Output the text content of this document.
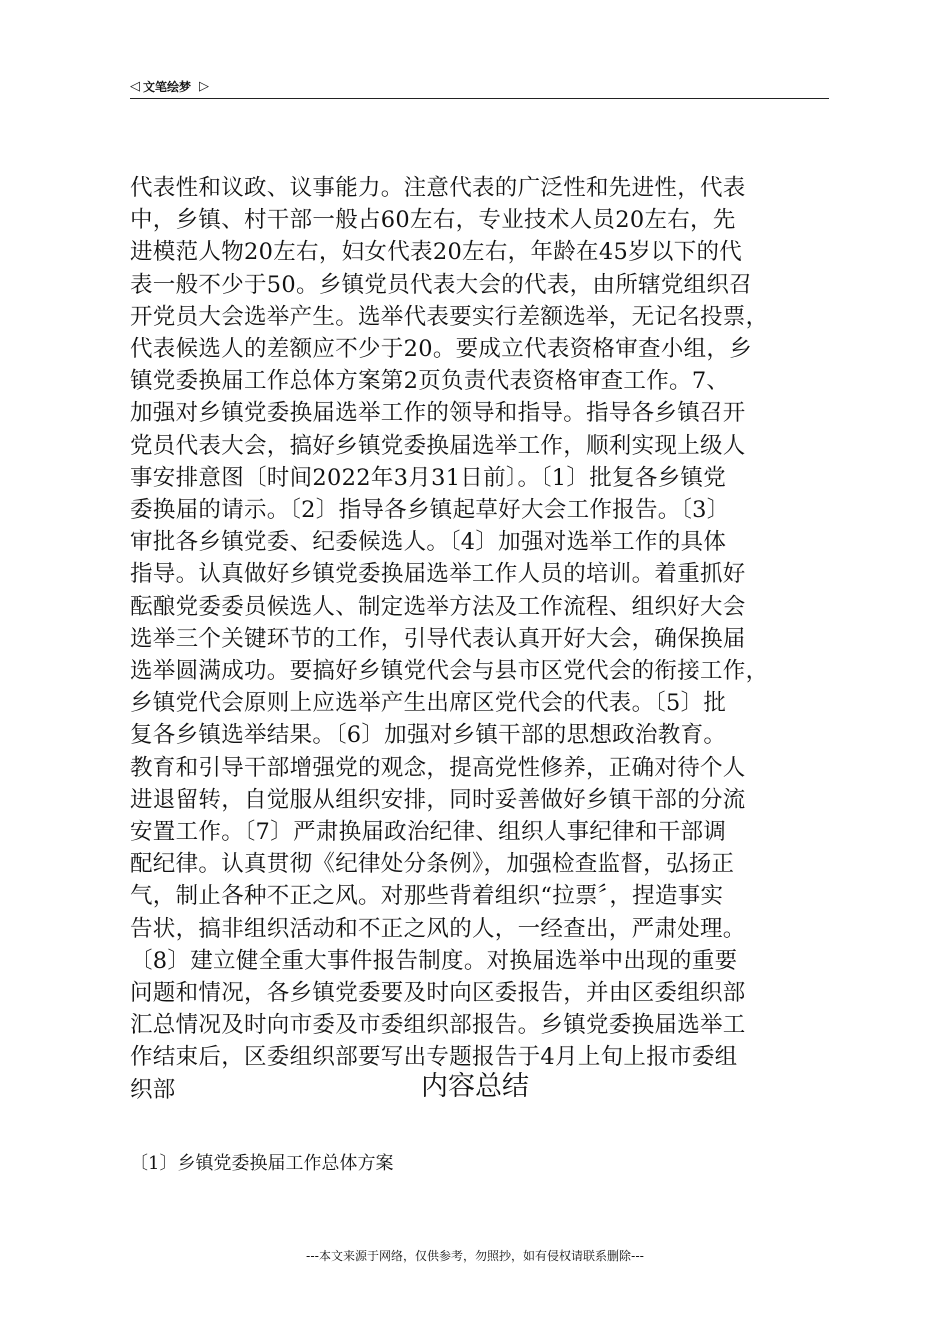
◁ 文笔绘梦 ▷
代表性和议政、议事能力。注意代表的广泛性和先进性，代表
中，乡镇、村干部一般占60左右，专业技术人员20左右，先
进模范人物20左右，妇女代表20左右，年龄在45岁以下的代
表一般不少于50。乡镇党员代表大会的代表，由所辖党组织召
开党员大会选举产生。选举代表要实行差额选举，无记名投票，
代表候选人的差额应不少于20。要成立代表资格审查小组，乡
镇党委换届工作总体方案第2页负责代表资格审查工作。7、
加强对乡镇党委换届选举工作的领导和指导。指导各乡镇召开
党员代表大会，搞好乡镇党委换届选举工作，顺利实现上级人
事安排意图〔时间2022年3月31日前〕。〔1〕批复各乡镇党
委换届的请示。〔2〕指导各乡镇起草好大会工作报告。〔3〕
审批各乡镇党委、纪委候选人。〔4〕加强对选举工作的具体
指导。认真做好乡镇党委换届选举工作人员的培训。着重抓好
酝酿党委委员候选人、制定选举方法及工作流程、组织好大会
选举三个关键环节的工作，引导代表认真开好大会，确保换届
选举圆满成功。要搞好乡镇党代会与县市区党代会的衔接工作，
乡镇党代会原则上应选举产生出席区党代会的代表。〔5〕批
复各乡镇选举结果。〔6〕加强对乡镇干部的思想政治教育。
教育和引导干部增强党的观念，提高党性修养，正确对待个人
进退留转，自觉服从组织安排，同时妥善做好乡镇干部的分流
安置工作。〔7〕严肃换届政治纪律、组织人事纪律和干部调
配纪律。认真贯彻《纪律处分条例》，加强检查监督，弘扬正
气，制止各种不正之风。对那些背着组织“拉票〞，捏造事实
告状，搞非组织活动和不正之风的人，一经查出，严肃处理。
〔8〕建立健全重大事件报告制度。对换届选举中出现的重要
问题和情况，各乡镇党委要及时向区委报告，并由区委组织部
汇总情况及时向市委及市委组织部报告。乡镇党委换届选举工
作结束后，区委组织部要写出专题报告于4月上旬上报市委组
织部	内容总结
〔1〕乡镇党委换届工作总体方案
---本文来源于网络，仅供参考，勿照抄，如有侵权请联系删除---
